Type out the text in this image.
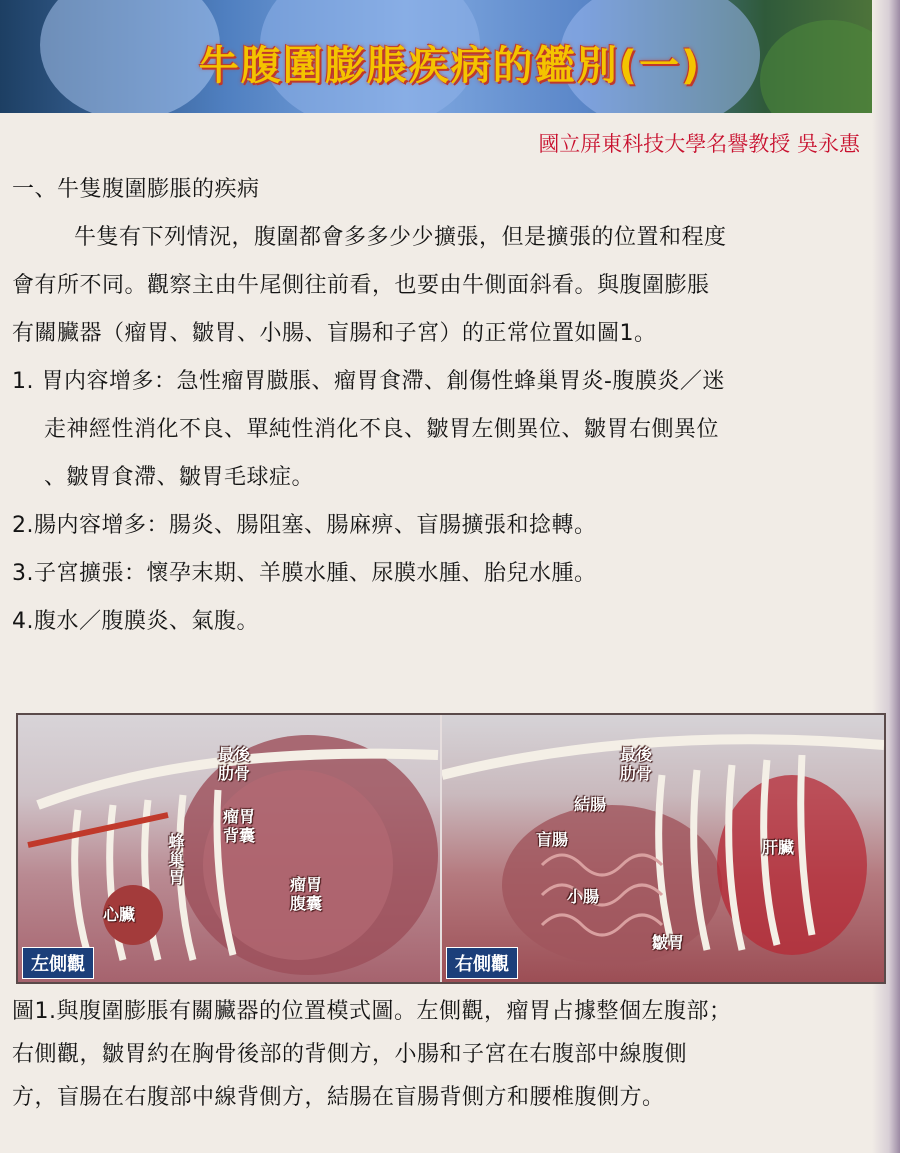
牛腹圍膨脹疾病的鑑別(一)
國立屏東科技大學名譽教授 吳永惠

一、牛隻腹圍膨脹的疾病

牛隻有下列情況，腹圍都會多多少少擴張，但是擴張的位置和程度

會有所不同。觀察主由牛尾側往前看，也要由牛側面斜看。與腹圍膨脹

有關臟器（瘤胃、皺胃、小腸、盲腸和子宮）的正常位置如圖1。

1. 胃内容增多：急性瘤胃臌脹、瘤胃食滯、創傷性蜂巢胃炎-腹膜炎／迷

走神經性消化不良、單純性消化不良、皺胃左側異位、皺胃右側異位

、皺胃食滯、皺胃毛球症。

2.腸内容增多：腸炎、腸阻塞、腸麻痹、盲腸擴張和捻轉。

3.子宮擴張：懷孕末期、羊膜水腫、尿膜水腫、胎兒水腫。

4.腹水／腹膜炎、氣腹。

最後肋骨
瘤胃背囊
蜂巢胃
心臟
瘤胃腹囊
左側觀
最後肋骨
結腸
盲腸
小腸
皺胃
肝臟
右側觀

圖1.與腹圍膨脹有關臟器的位置模式圖。左側觀，瘤胃占據整個左腹部；

右側觀，皺胃約在胸骨後部的背側方，小腸和子宮在右腹部中線腹側

方，盲腸在右腹部中線背側方，結腸在盲腸背側方和腰椎腹側方。
